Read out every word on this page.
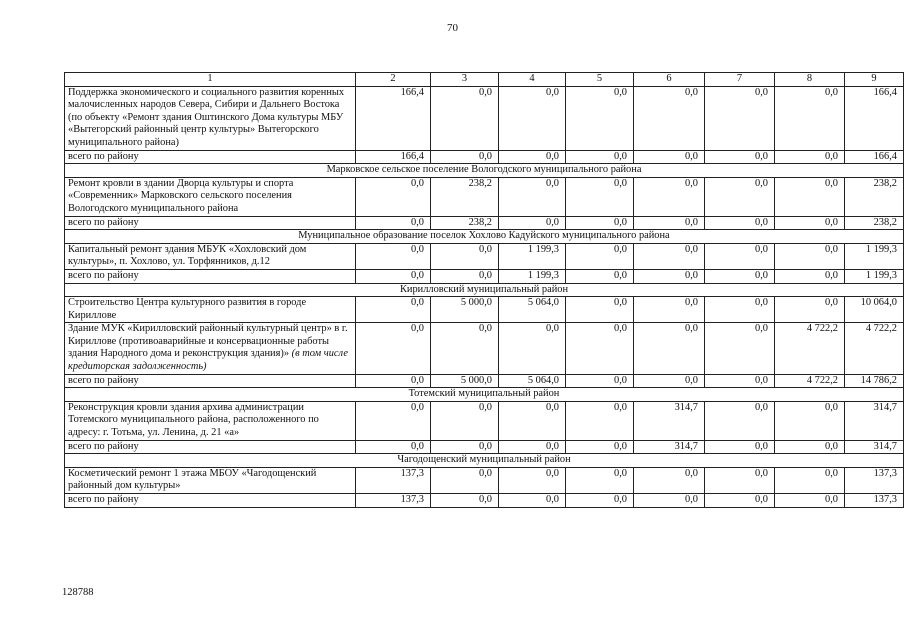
70
1	2	3	4	5	6	7	8	9
Поддержка экономического и социального развития коренных малочисленных народов Севера, Сибири и Дальнего Востока (по объекту «Ремонт здания Оштинского Дома культуры МБУ «Вытегорский районный центр культуры» Вытегорского муниципального района)	166,4	0,0	0,0	0,0	0,0	0,0	0,0	166,4
всего по району	166,4	0,0	0,0	0,0	0,0	0,0	0,0	166,4
Марковское сельское поселение Вологодского муниципального района								
Ремонт кровли в здании Дворца культуры и спорта «Современник» Марковского сельского поселения Вологодского муниципального района	0,0	238,2	0,0	0,0	0,0	0,0	0,0	238,2
всего по району	0,0	238,2	0,0	0,0	0,0	0,0	0,0	238,2
Муниципальное образование поселок Хохлово Кадуйского муниципального района								
Капитальный ремонт здания МБУК «Хохловский дом культуры», п. Хохлово, ул. Торфянников, д.12	0,0	0,0	1 199,3	0,0	0,0	0,0	0,0	1 199,3
всего по району	0,0	0,0	1 199,3	0,0	0,0	0,0	0,0	1 199,3
Кирилловский муниципальный район								
Строительство Центра культурного развития в городе Кириллове	0,0	5 000,0	5 064,0	0,0	0,0	0,0	0,0	10 064,0
Здание МУК «Кирилловский районный культурный центр» в г. Кириллове (противоаварийные и консервационные работы здания Народного дома и реконструкция здания)» (в том числе кредиторская задолженность)	0,0	0,0	0,0	0,0	0,0	0,0	4 722,2	4 722,2
всего по району	0,0	5 000,0	5 064,0	0,0	0,0	0,0	4 722,2	14 786,2
Тотемский муниципальный район								
Реконструкция кровли здания архива администрации Тотемского муниципального района, расположенного по адресу: г. Тотьма, ул. Ленина, д. 21 «а»	0,0	0,0	0,0	0,0	314,7	0,0	0,0	314,7
всего по району	0,0	0,0	0,0	0,0	314,7	0,0	0,0	314,7
Чагодощенский муниципальный район								
Косметический ремонт 1 этажа МБОУ «Чагодощенский районный дом культуры»	137,3	0,0	0,0	0,0	0,0	0,0	0,0	137,3
всего по району	137,3	0,0	0,0	0,0	0,0	0,0	0,0	137,3
128788
